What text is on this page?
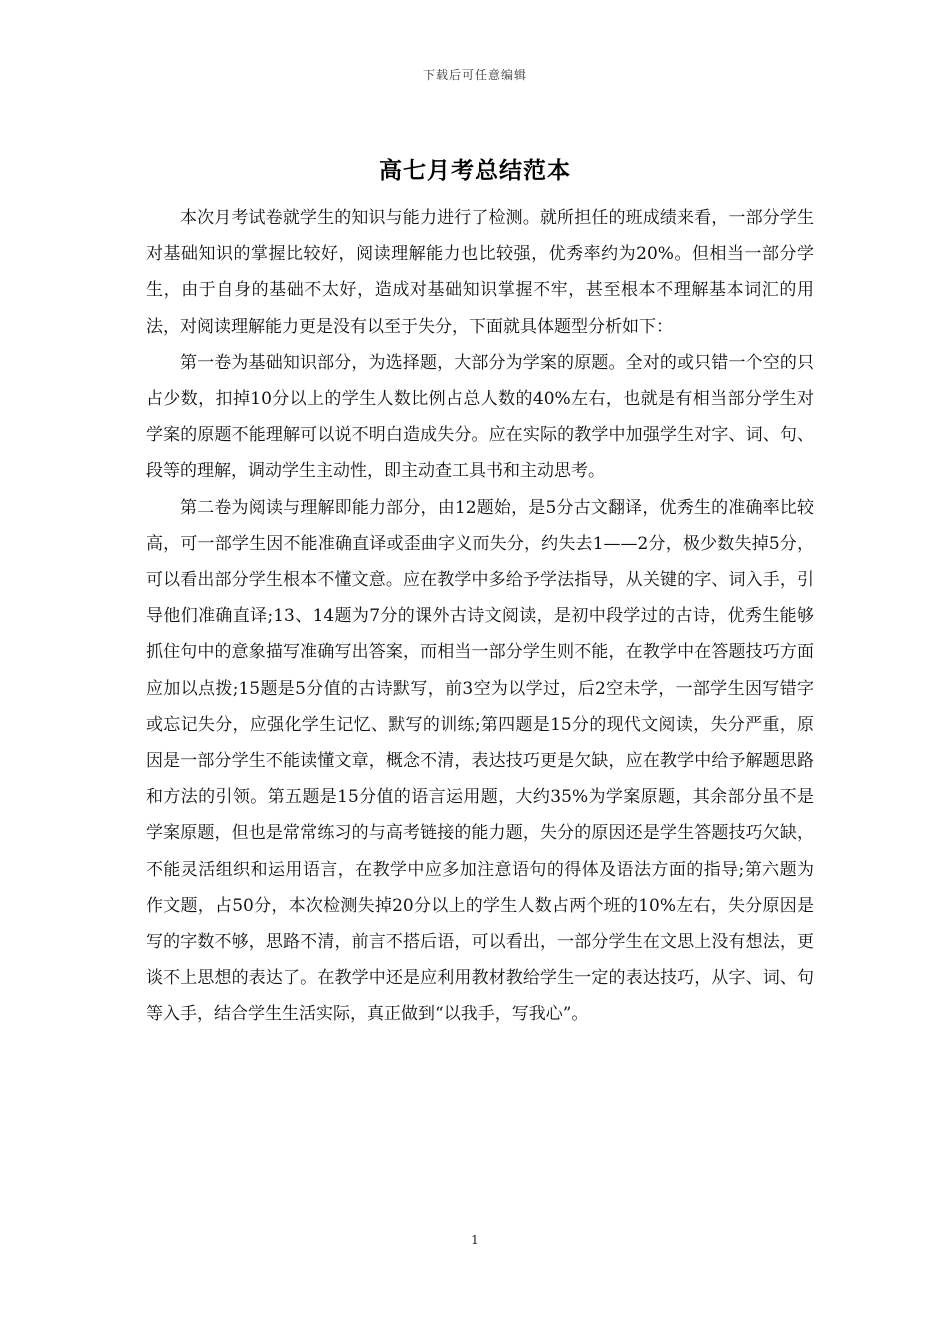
下载后可任意编辑
高七月考总结范本

本次月考试卷就学生的知识与能力进行了检测。就所担任的班成绩来看，一部分学生对基础知识的掌握比较好，阅读理解能力也比较强，优秀率约为20%。但相当一部分学生，由于自身的基础不太好，造成对基础知识掌握不牢，甚至根本不理解基本词汇的用法，对阅读理解能力更是没有以至于失分，下面就具体题型分析如下：

第一卷为基础知识部分，为选择题，大部分为学案的原题。全对的或只错一个空的只占少数，扣掉10分以上的学生人数比例占总人数的40%左右，也就是有相当部分学生对学案的原题不能理解可以说不明白造成失分。应在实际的教学中加强学生对字、词、句、段等的理解，调动学生主动性，即主动查工具书和主动思考。

第二卷为阅读与理解即能力部分，由12题始，是5分古文翻译，优秀生的准确率比较高，可一部学生因不能准确直译或歪曲字义而失分，约失去1——2分，极少数失掉5分，可以看出部分学生根本不懂文意。应在教学中多给予学法指导，从关键的字、词入手，引导他们准确直译;13、14题为7分的课外古诗文阅读，是初中段学过的古诗，优秀生能够抓住句中的意象描写准确写出答案，而相当一部分学生则不能，在教学中在答题技巧方面应加以点拨;15题是5分值的古诗默写，前3空为以学过，后2空未学，一部学生因写错字或忘记失分，应强化学生记忆、默写的训练;第四题是15分的现代文阅读，失分严重，原因是一部分学生不能读懂文章，概念不清，表达技巧更是欠缺，应在教学中给予解题思路和方法的引领。第五题是15分值的语言运用题，大约35%为学案原题，其余部分虽不是学案原题，但也是常常练习的与高考链接的能力题，失分的原因还是学生答题技巧欠缺，不能灵活组织和运用语言，在教学中应多加注意语句的得体及语法方面的指导;第六题为作文题，占50分，本次检测失掉20分以上的学生人数占两个班的10%左右，失分原因是写的字数不够，思路不清，前言不搭后语，可以看出，一部分学生在文思上没有想法，更谈不上思想的表达了。在教学中还是应利用教材教给学生一定的表达技巧，从字、词、句等入手，结合学生生活实际，真正做到“以我手，写我心”。

1
